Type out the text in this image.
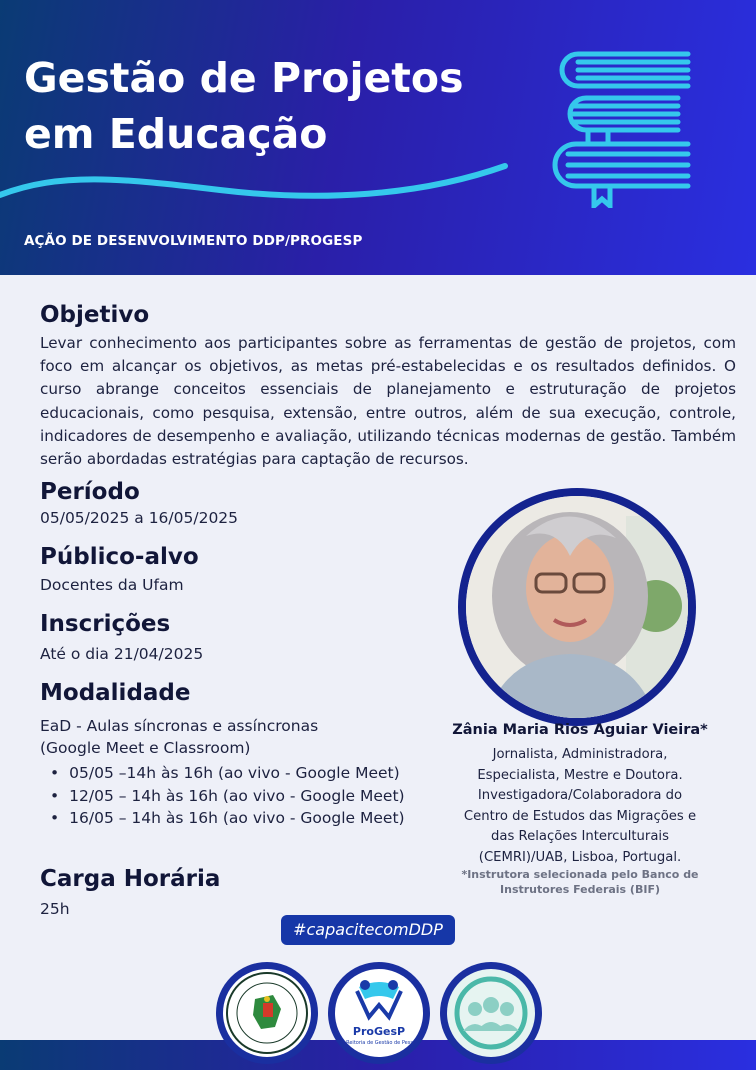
Gestão de Projetos
em Educação
AÇÃO DE DESENVOLVIMENTO DDP/PROGESP
Objetivo
Levar conhecimento aos participantes sobre as ferramentas de gestão de projetos, com foco em alcançar os objetivos, as metas pré-estabelecidas e os resultados definidos. O curso abrange conceitos essenciais de planejamento e estruturação de projetos educacionais, como pesquisa, extensão, entre outros, além de sua execução, controle, indicadores de desempenho e avaliação, utilizando técnicas modernas de gestão. Também serão abordadas estratégias para captação de recursos.
Período
05/05/2025 a 16/05/2025
Público-alvo
Docentes da Ufam
Inscrições
Até o dia 21/04/2025
Modalidade
EaD - Aulas síncronas e assíncronas
(Google Meet e Classroom)
• 05/05 –14h às 16h (ao vivo - Google Meet)
• 12/05 – 14h às 16h (ao vivo - Google Meet)
• 16/05 – 14h às 16h (ao vivo - Google Meet)
Carga Horária
25h
Zânia Maria Rios Aguiar Vieira*
Jornalista, Administradora,
Especialista, Mestre e Doutora.
Investigadora/Colaboradora do
Centro de Estudos das Migrações e
das Relações Interculturais
(CEMRI)/UAB, Lisboa, Portugal.
*Instrutora selecionada pelo Banco de
Instrutores Federais (BIF)
#capacitecomDDP
ProGesP
Pró-Reitoria de Gestão de Pessoas
